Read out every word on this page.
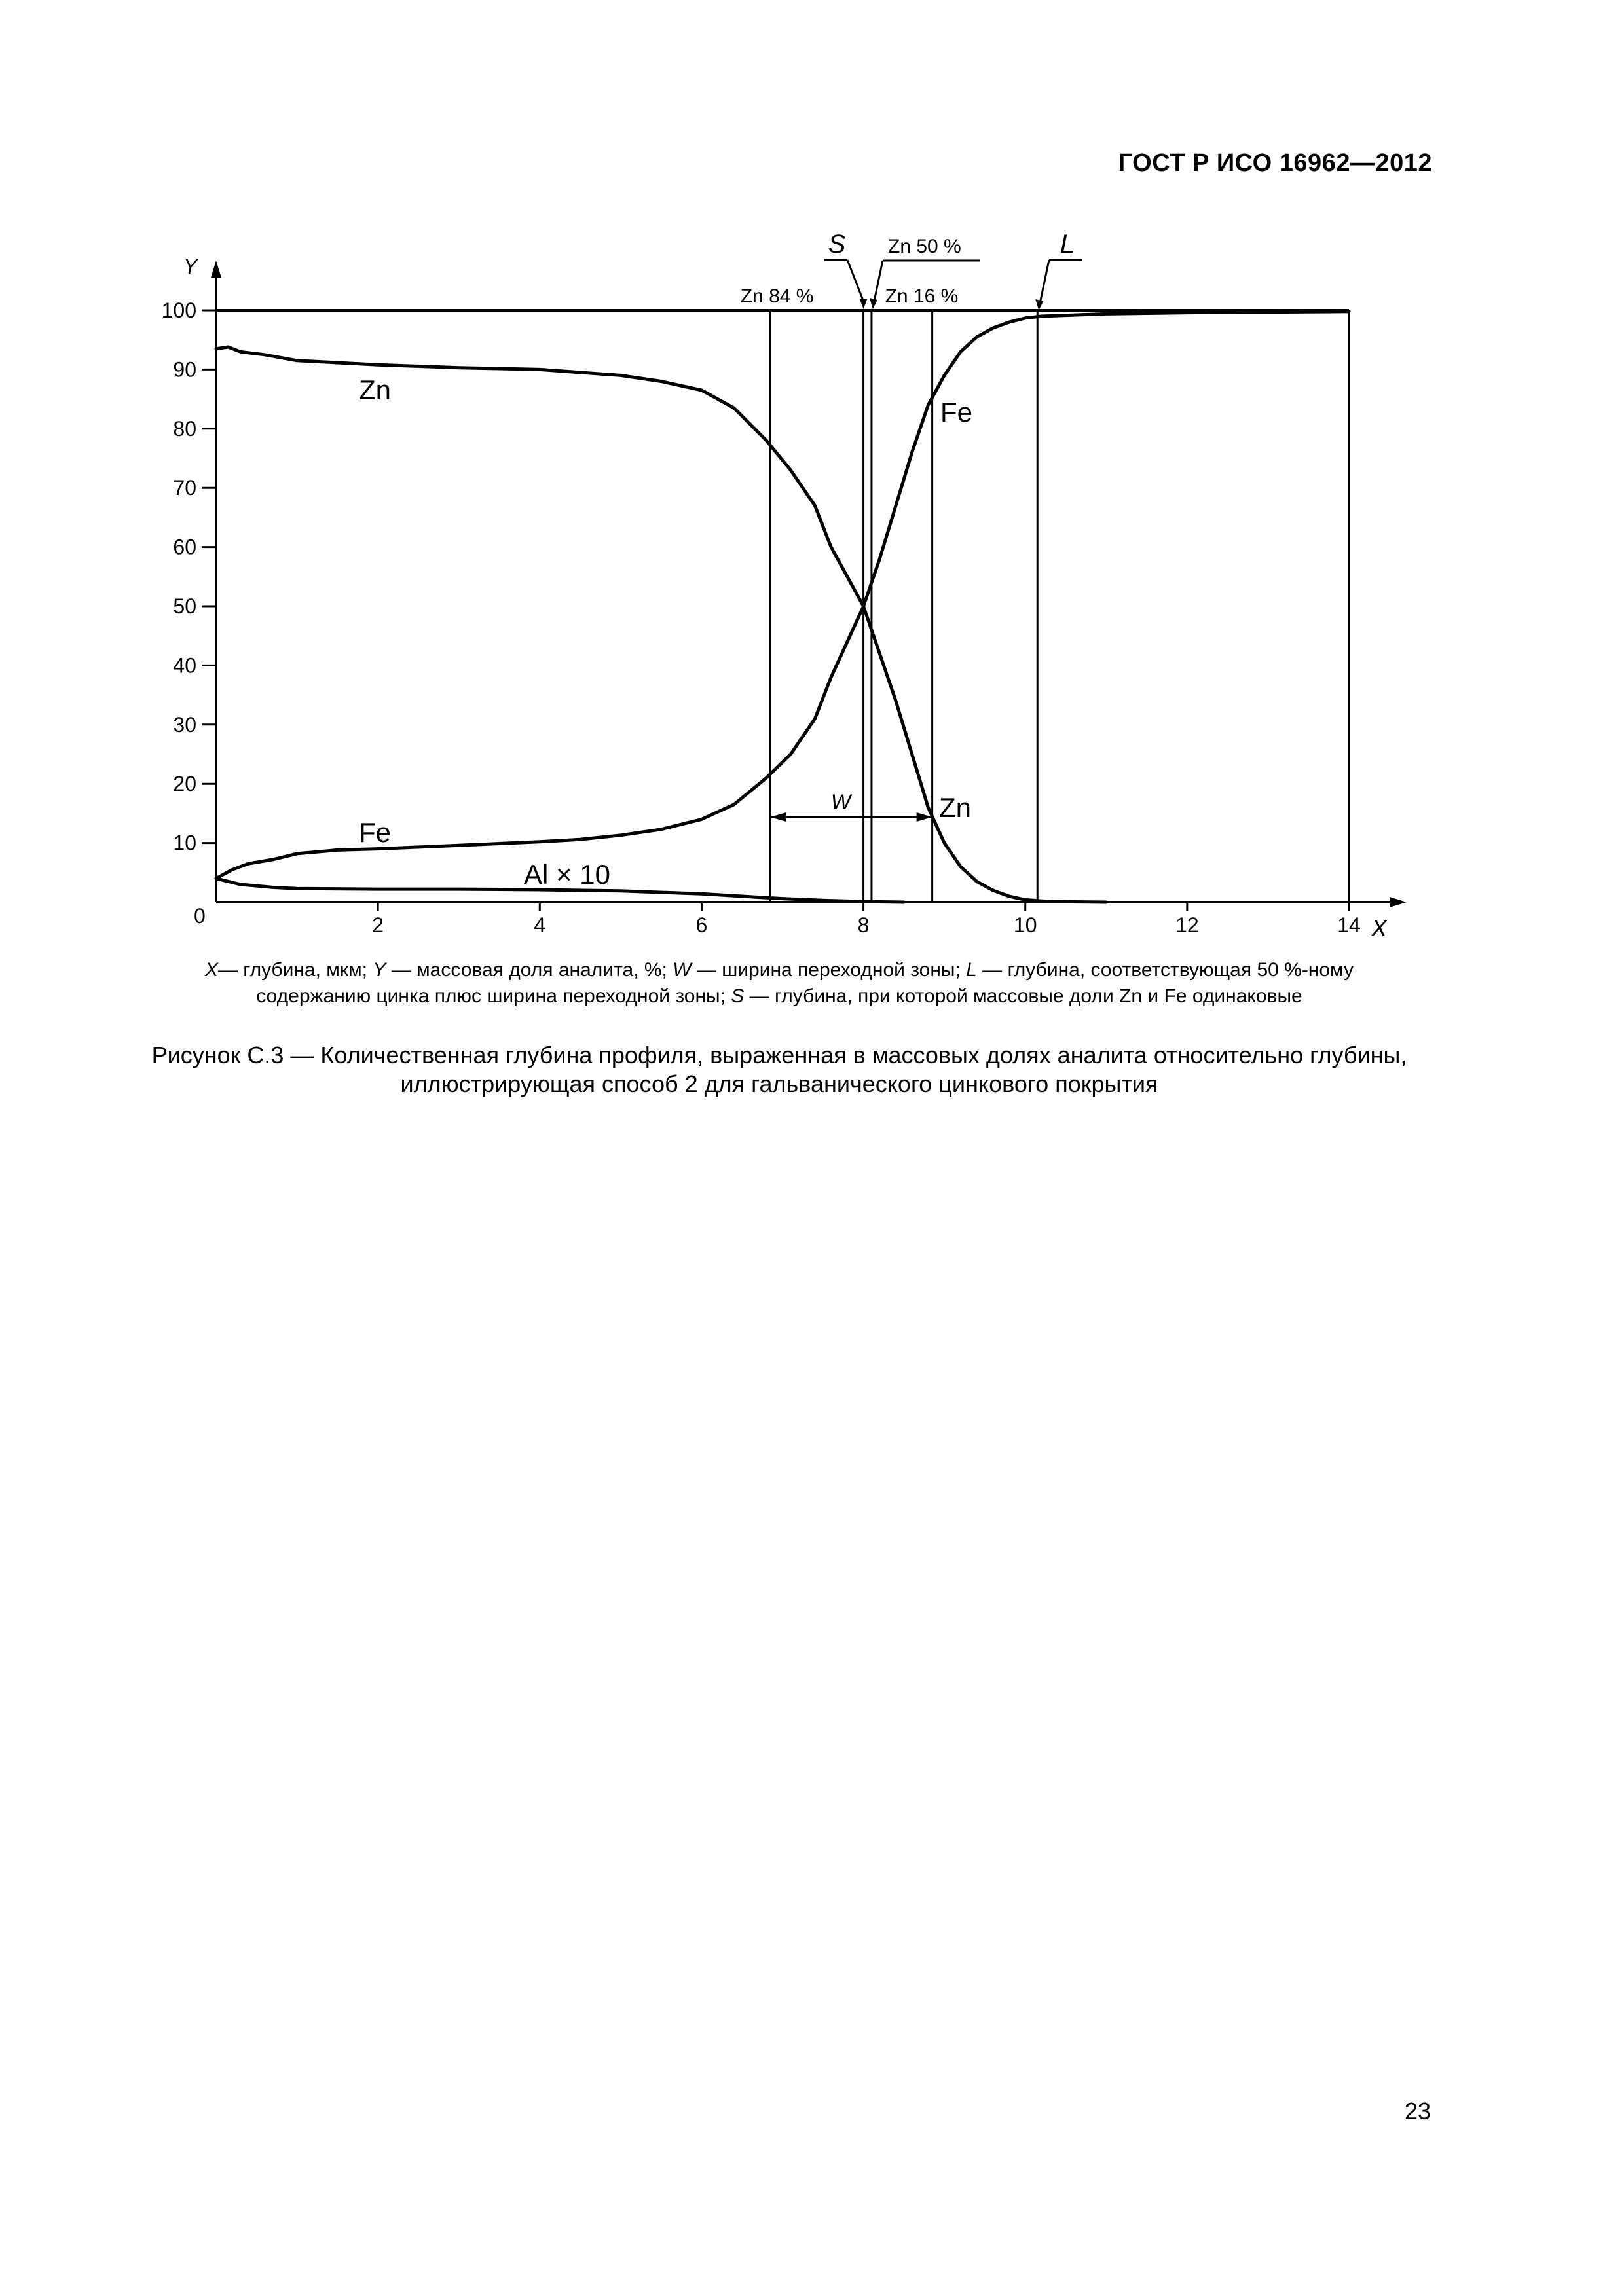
ГОСТ Р ИСО 16962—2012
X
Y
0	2	4	6	8	10	12	14
10
20
30
40
50
60
70
80
90
100
Zn 84 %	Zn 16 %
S Zn 50 %	L
W
Zn
Fe
Fe
Zn
Al × 10
X— глубина, мкм; Y — массовая доля аналита, %; W — ширина переходной зоны; L — глубина, соответствующая 50 %-ному
содержанию цинка плюс ширина переходной зоны; S — глубина, при которой массовые доли Zn и Fe одинаковые
Рисунок С.3 — Количественная глубина профиля, выраженная в массовых долях аналита относительно глубины,
иллюстрирующая способ 2 для гальванического цинкового покрытия
23
